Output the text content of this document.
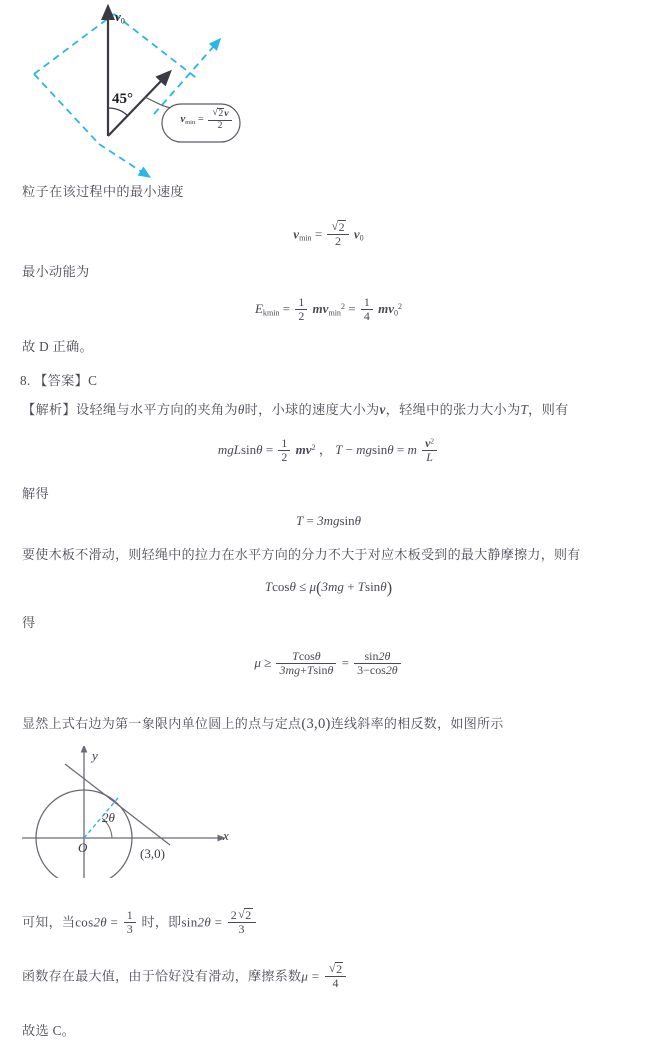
45°
$v_0$
$v_{min}$ = √ $\frac{2v}{2}$
粒子在该过程中的最小速度
$v_{min}$ = √ $\frac{2}{2} v_0$
最小动能为
$E_{kmin} = \frac{1}{2} mv_{min}^2 = \frac{1}{4} mv_0^2$
故 D 正确。
8. 【答案】C
【解析】设轻绳与水平方向的夹角为θ时，小球的速度大小为v，轻绳中的张力大小为T，则有
$mgLsin\theta = \frac{1}{2} mv^2$ ， T − mgsinθ = m $\frac{v^2}{L}$
解得
T = 3mgsinθ
要使木板不滑动，则轻绳中的拉力在水平方向的分力不大于对应木板受到的最大静摩擦力，则有
Tcosθ ≤ μ(3mg + Tsinθ)
得
$\mu \ge \frac{Tcos\theta}{3mg+Tsin\theta} = \frac{\sin 2\theta}{3-\cos 2\theta}$
显然上式右边为第一象限内单位圆上的点与定点(3,0)连线斜率的相反数，如图所示
y
x
O
2θ
(3,0)
可知，当$\cos 2\theta = \frac{1}{3}$ 时，即$\sin 2\theta = \frac{2 √ 2}{3}$
函数存在最大值，由于恰好没有滑动，摩擦系数μ = √ $\frac{2}{4}$
故选 C。
